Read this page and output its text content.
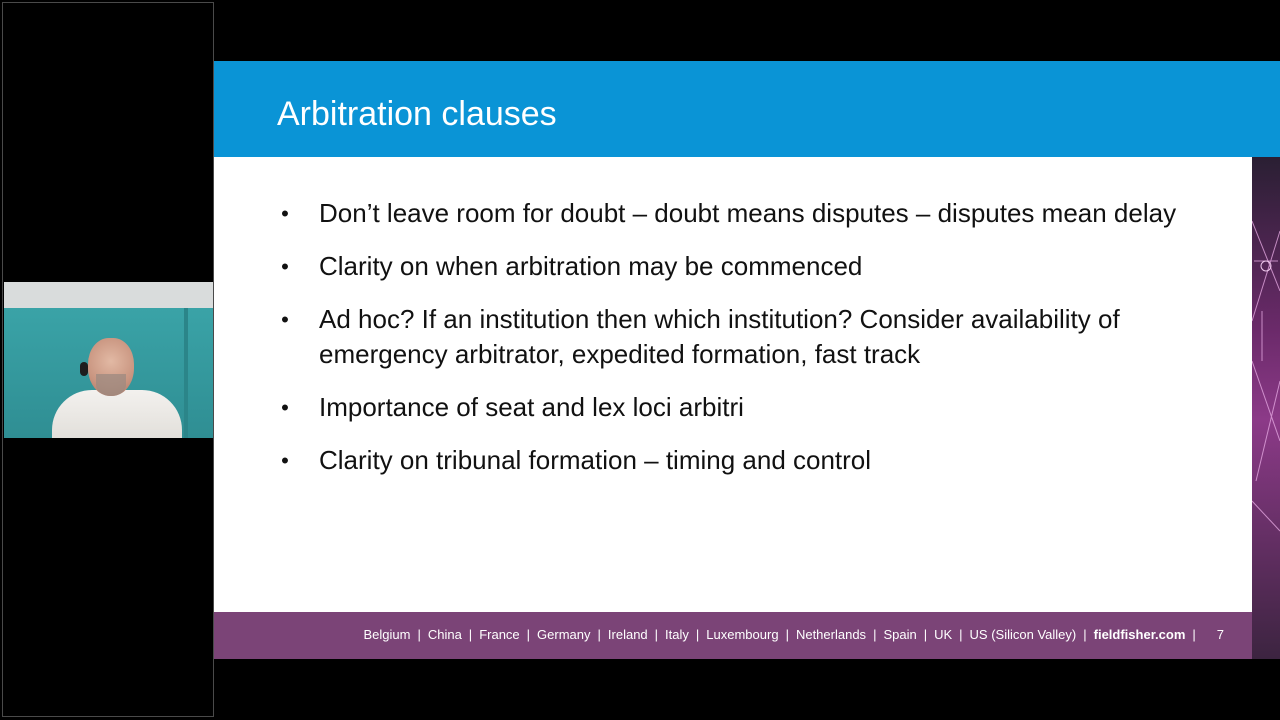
Arbitration clauses
• Don’t leave room for doubt – doubt means disputes – disputes mean delay
• Clarity on when arbitration may be commenced
• Ad hoc? If an institution then which institution? Consider availability of emergency arbitrator, expedited formation, fast track
• Importance of seat and lex loci arbitri
• Clarity on tribunal formation – timing and control
Belgium | China | France | Germany | Ireland | Italy | Luxembourg | Netherlands | Spain | UK | US (Silicon Valley) | fieldfisher.com | 7
